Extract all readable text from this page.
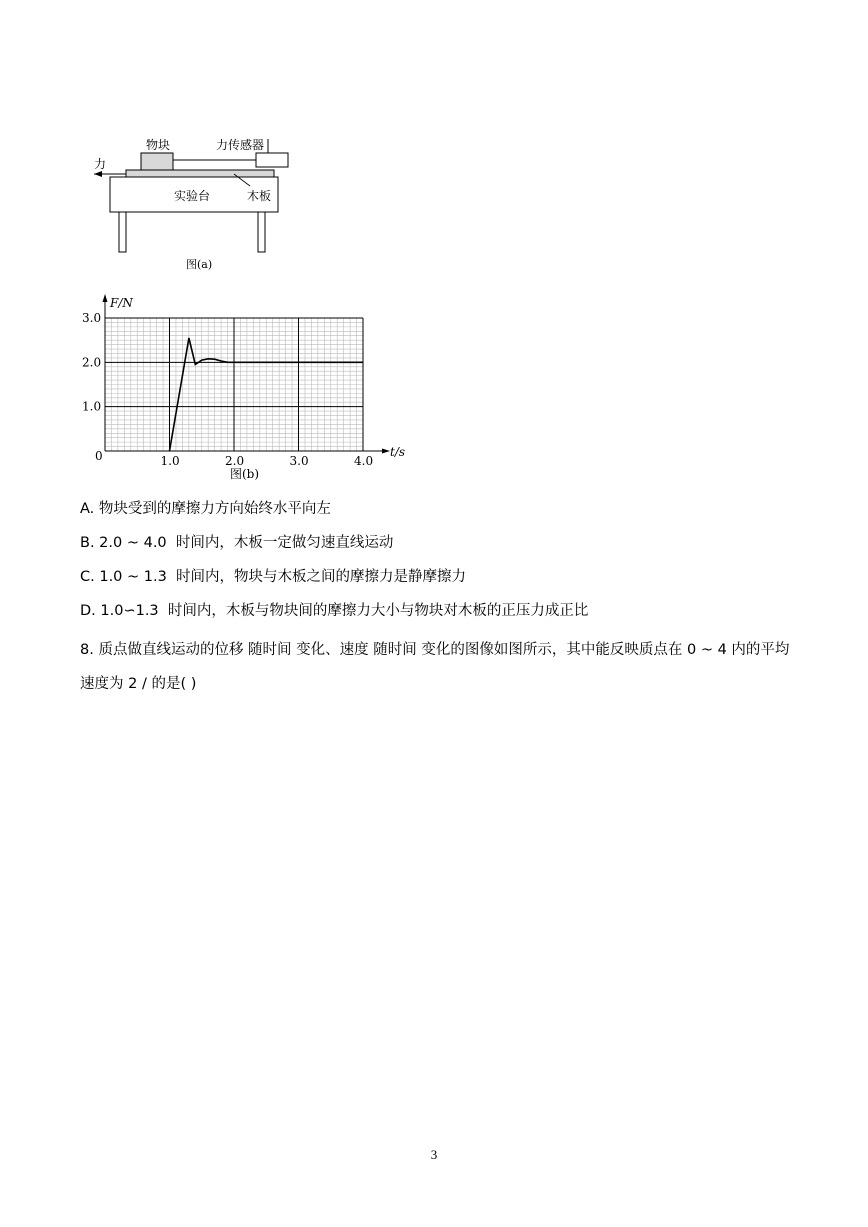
物块	力传感器
力
实验台	木板
图(a)
1.0	2.0	3.0	4.0
1.0
2.0
3.0
F/N
t/s
0
图(b)
A. 物块受到的摩擦力方向始终水平向左
B. 2.0 ~ 4.0  时间内，木板一定做匀速直线运动
C. 1.0 ~ 1.3  时间内，物块与木板之间的摩擦力是静摩擦力
D. 1.0∽1.3  时间内，木板与物块间的摩擦力大小与物块对木板的正压力成正比
8. 质点做直线运动的位移 随时间 变化、速度 随时间 变化的图像如图所示，其中能反映质点在 0 ~ 4 内的平均速度为 2 / 的是( )
3
